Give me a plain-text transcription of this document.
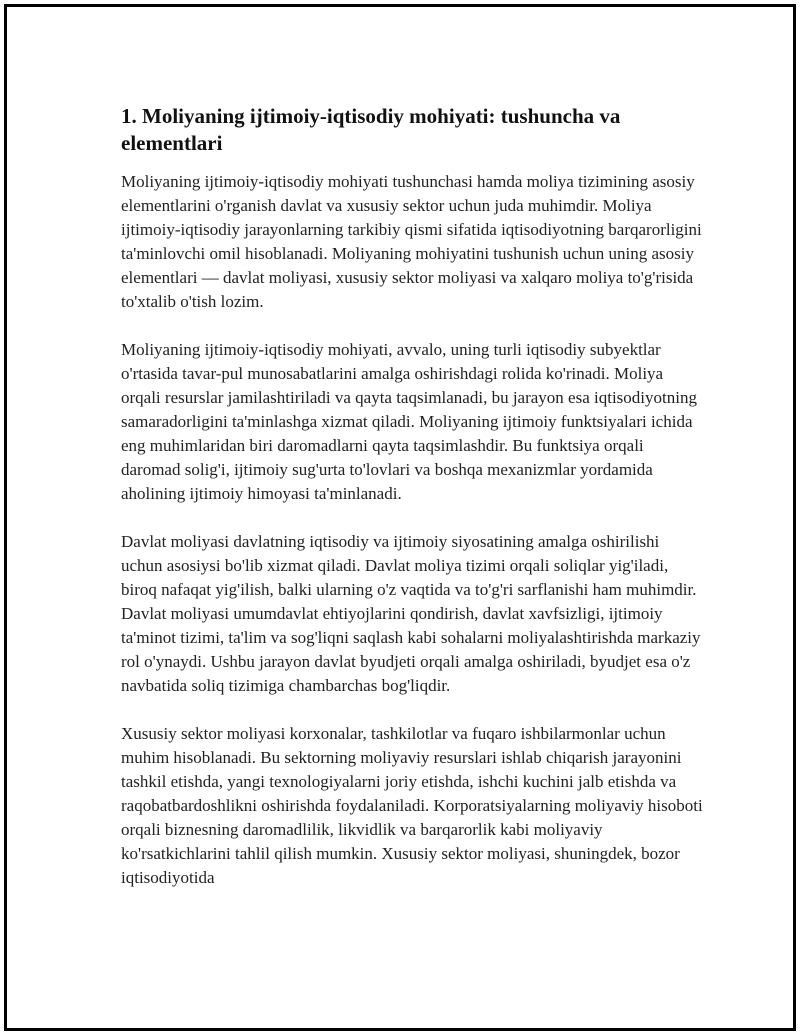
1. Moliyaning ijtimoiy-iqtisodiy mohiyati: tushuncha va elementlari

Moliyaning ijtimoiy-iqtisodiy mohiyati tushunchasi hamda moliya tizimining asosiy elementlarini o'rganish davlat va xususiy sektor uchun juda muhimdir. Moliya ijtimoiy-iqtisodiy jarayonlarning tarkibiy qismi sifatida iqtisodiyotning barqarorligini ta'minlovchi omil hisoblanadi. Moliyaning mohiyatini tushunish uchun uning asosiy elementlari — davlat moliyasi, xususiy sektor moliyasi va xalqaro moliya to'g'risida to'xtalib o'tish lozim.

Moliyaning ijtimoiy-iqtisodiy mohiyati, avvalo, uning turli iqtisodiy subyektlar o'rtasida tavar-pul munosabatlarini amalga oshirishdagi rolida ko'rinadi. Moliya orqali resurslar jamilashtiriladi va qayta taqsimlanadi, bu jarayon esa iqtisodiyotning samaradorligini ta'minlashga xizmat qiladi. Moliyaning ijtimoiy funktsiyalari ichida eng muhimlaridan biri daromadlarni qayta taqsimlashdir. Bu funktsiya orqali daromad solig'i, ijtimoiy sug'urta to'lovlari va boshqa mexanizmlar yordamida aholining ijtimoiy himoyasi ta'minlanadi.

Davlat moliyasi davlatning iqtisodiy va ijtimoiy siyosatining amalga oshirilishi uchun asosiysi bo'lib xizmat qiladi. Davlat moliya tizimi orqali soliqlar yig'iladi, biroq nafaqat yig'ilish, balki ularning o'z vaqtida va to'g'ri sarflanishi ham muhimdir. Davlat moliyasi umumdavlat ehtiyojlarini qondirish, davlat xavfsizligi, ijtimoiy ta'minot tizimi, ta'lim va sog'liqni saqlash kabi sohalarni moliyalashtirishda markaziy rol o'ynaydi. Ushbu jarayon davlat byudjeti orqali amalga oshiriladi, byudjet esa o'z navbatida soliq tizimiga chambarchas bog'liqdir.

Xususiy sektor moliyasi korxonalar, tashkilotlar va fuqaro ishbilarmonlar uchun muhim hisoblanadi. Bu sektorning moliyaviy resurslari ishlab chiqarish jarayonini tashkil etishda, yangi texnologiyalarni joriy etishda, ishchi kuchini jalb etishda va raqobatbardoshlikni oshirishda foydalaniladi. Korporatsiyalarning moliyaviy hisoboti orqali biznesning daromadlilik, likvidlik va barqarorlik kabi moliyaviy ko'rsatkichlarini tahlil qilish mumkin. Xususiy sektor moliyasi, shuningdek, bozor iqtisodiyotida
